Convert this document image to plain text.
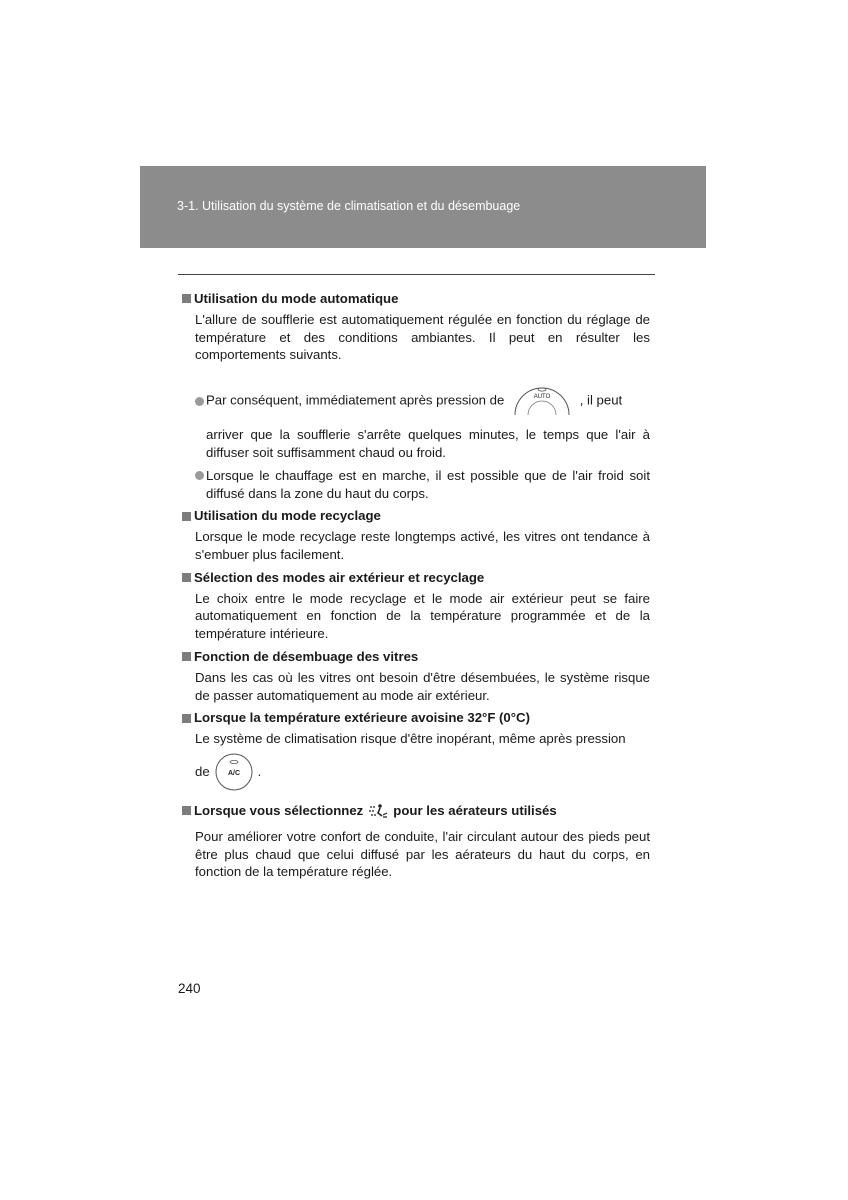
3-1. Utilisation du système de climatisation et du désembuage
Utilisation du mode automatique
L'allure de soufflerie est automatiquement régulée en fonction du réglage de température et des conditions ambiantes. Il peut en résulter les comportements suivants.
Par conséquent, immédiatement après pression de	AUTO , il peut
arriver que la soufflerie s'arrête quelques minutes, le temps que l'air à diffuser soit suffisamment chaud ou froid.
Lorsque le chauffage est en marche, il est possible que de l'air froid soit diffusé dans la zone du haut du corps.
Utilisation du mode recyclage
Lorsque le mode recyclage reste longtemps activé, les vitres ont tendance à s'embuer plus facilement.
Sélection des modes air extérieur et recyclage
Le choix entre le mode recyclage et le mode air extérieur peut se faire automatiquement en fonction de la température programmée et de la température intérieure.
Fonction de désembuage des vitres
Dans les cas où les vitres ont besoin d'être désembuées, le système risque de passer automatiquement au mode air extérieur.
Lorsque la température extérieure avoisine 32°F (0°C)
Le système de climatisation risque d'être inopérant, même après pression
de	A/C .
Lorsque vous sélectionnez pour les aérateurs utilisés
Pour améliorer votre confort de conduite, l'air circulant autour des pieds peut être plus chaud que celui diffusé par les aérateurs du haut du corps, en fonction de la température réglée.
240
